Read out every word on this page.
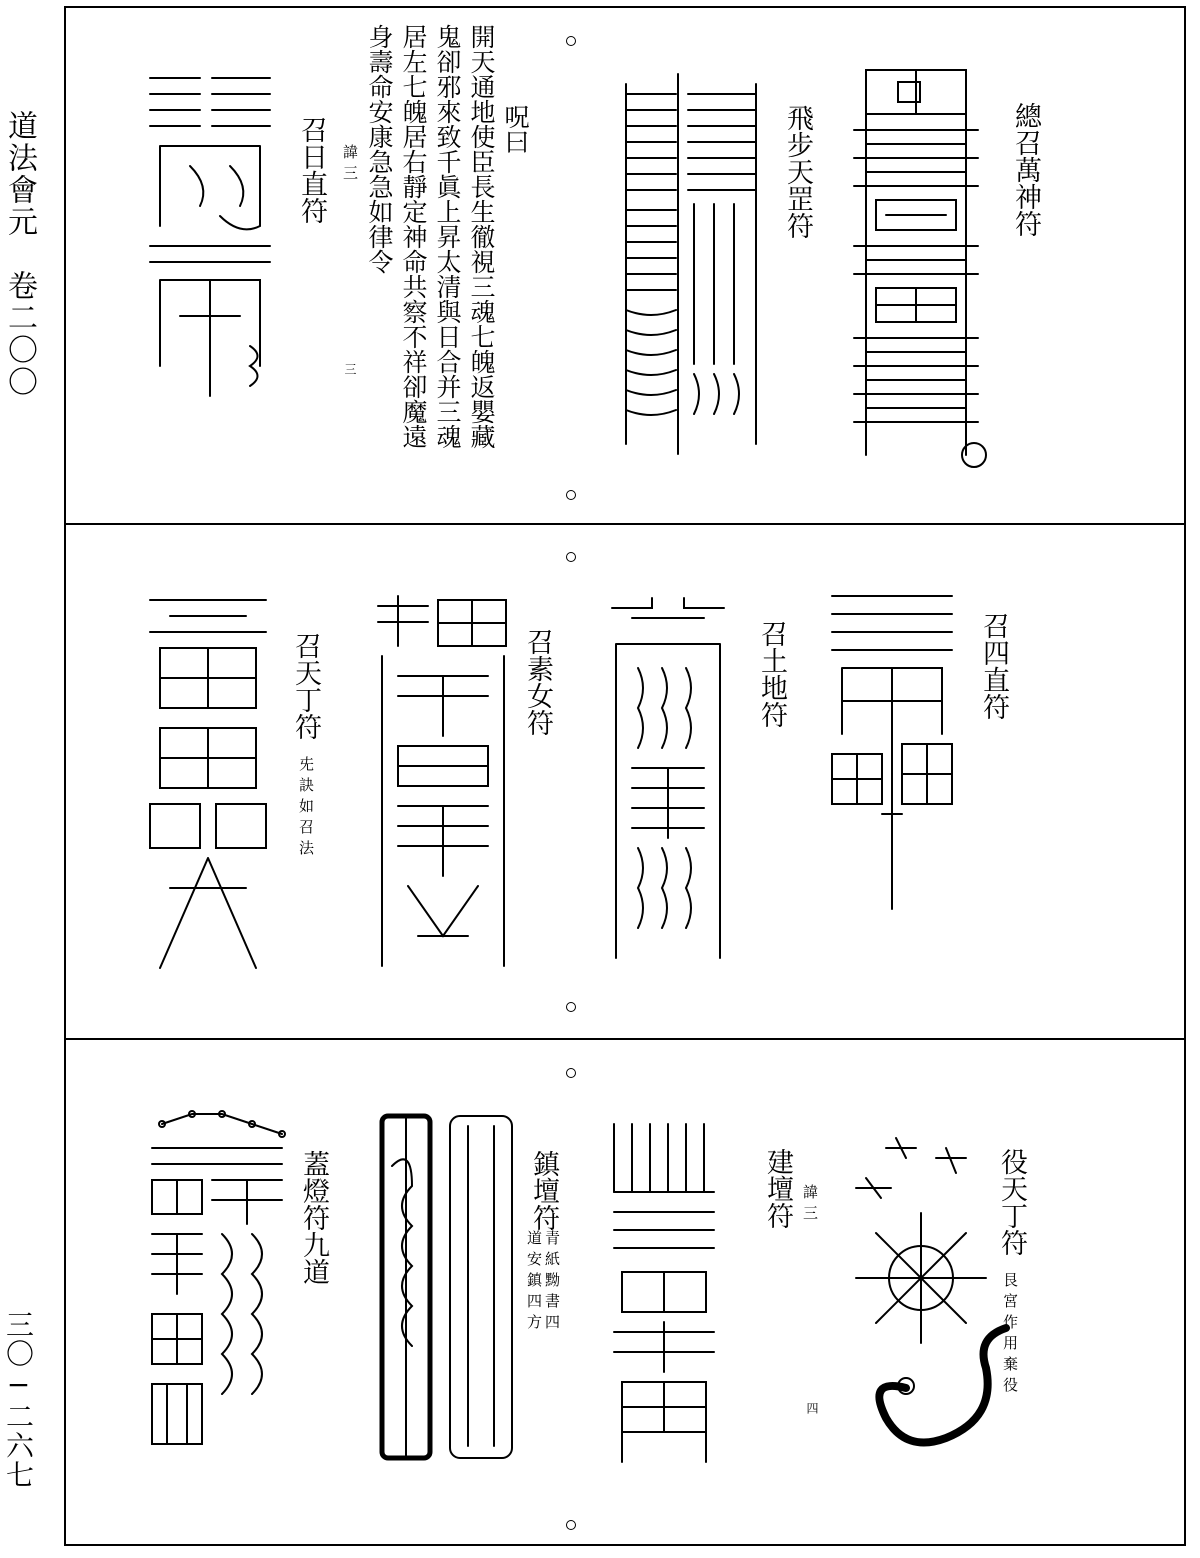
道法會元　卷二〇〇
三〇−二六七
總召萬神符
飛步天罡符
呪曰
開天通地使臣長生徹視三魂七魄返嬰藏
鬼卻邪來致千眞上昇太清與日合并三魂
居左七魄居右靜定神命共察不祥卻魔遠
身壽命安康急急如律令
召日直符 諱三
三
召四直符
召土地符
召素女符
召天丁符
兂訣如召法
役天丁符
艮宮作用棄役
四
建壇符 諱三
鎮壇符
青紙黝書四
道安鎮四方
蓋燈符九道
